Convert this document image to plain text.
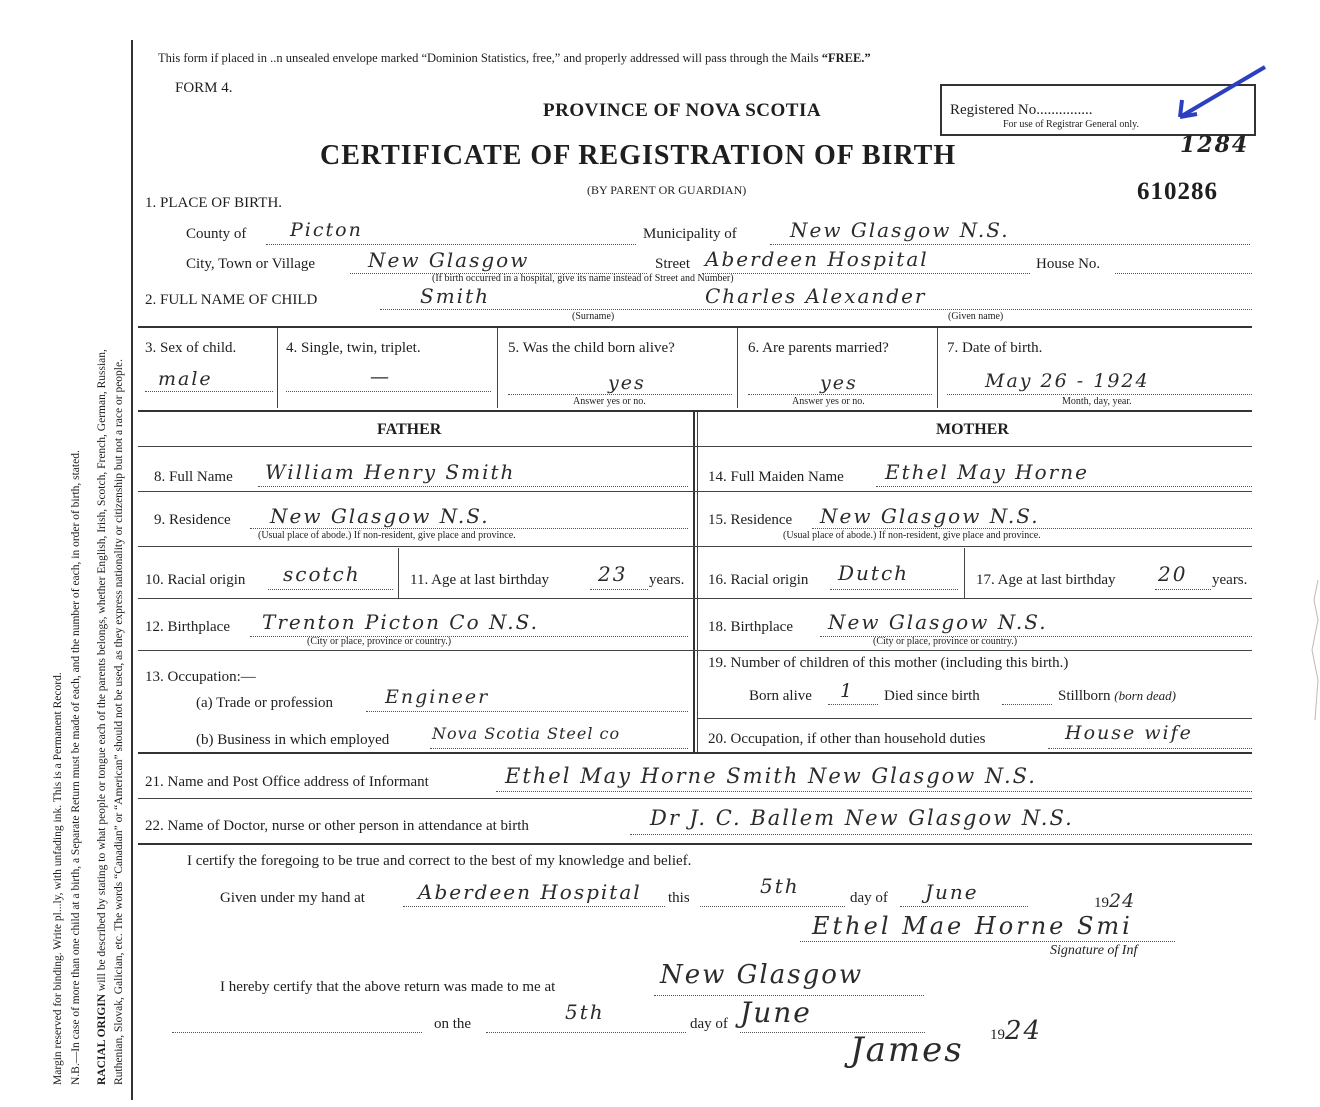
Margin reserved for binding. Write pl...ly, with unfading ink. This is a Permanent Record. N.B.—In case of more than one child at a birth, a Separate Return must be made of each, and the number of each, in order of birth, stated. RACIAL ORIGIN will be described by stating to what people or tongue each of the parents belongs, whether English, Irish, Scotch, French, German, Russian, Ruthenian, Slovak, Galician, etc. The words “Canadian” or “American” should not be used, as they express nationality or citizenship but not a race or people.
This form if placed in ..n unsealed envelope marked “Dominion Statistics, free,” and properly addressed will pass through the Mails “FREE.”
FORM 4.
PROVINCE OF NOVA SCOTIA
CERTIFICATE OF REGISTRATION OF BIRTH
(BY PARENT OR GUARDIAN)
Registered No...............
For use of Registrar General only.
1284
610286
1. PLACE OF BIRTH.
County of Picton	Municipality of	New Glasgow N.S.
City, Town or Village	New Glasgow	Street Aberdeen Hospital	House No.
(If birth occurred in a hospital, give its name instead of Street and Number)
2. FULL NAME OF CHILD	Smith	Charles Alexander
(Surname)	(Given name)
3. Sex of child.
male
4. Single, twin, triplet.
—
5. Was the child born alive?
yes
Answer yes or no.
6. Are parents married?
yes
Answer yes or no.
7. Date of birth.
May 26 - 1924
Month, day, year.
FATHER	MOTHER
8. Full Name William Henry Smith	14. Full Maiden Name Ethel May Horne
9. Residence New Glasgow N.S.
(Usual place of abode.) If non-resident, give place and province.
15. Residence New Glasgow N.S.
(Usual place of abode.) If non-resident, give place and province.
10. Racial origin scotch	11. Age at last birthday 23 years. 16. Racial origin Dutch	17. Age at last birthday 20 years.
12. Birthplace Trenton Picton Co N.S.
(City or place, province or country.)
18. Birthplace New Glasgow N.S.
(City or place, province or country.)
13. Occupation:—
(a) Trade or profession	Engineer
(b) Business in which employed	Nova Scotia Steel co
19. Number of children of this mother (including this birth.)
Born alive 1 Died since birth	Stillborn (born dead)
20. Occupation, if other than household duties	House wife
21. Name and Post Office address of Informant	Ethel May Horne Smith New Glasgow N.S.
22. Name of Doctor, nurse or other person in attendance at birth	Dr J. C. Ballem New Glasgow N.S.
I certify the foregoing to be true and correct to the best of my knowledge and belief.
Given under my hand at	Aberdeen Hospital this	5th	day of June	1924
Ethel Mae Horne Smi
Signature of Inf
I hereby certify that the above return was made to me at	New Glasgow
on the	5th	day of June
1924
James
